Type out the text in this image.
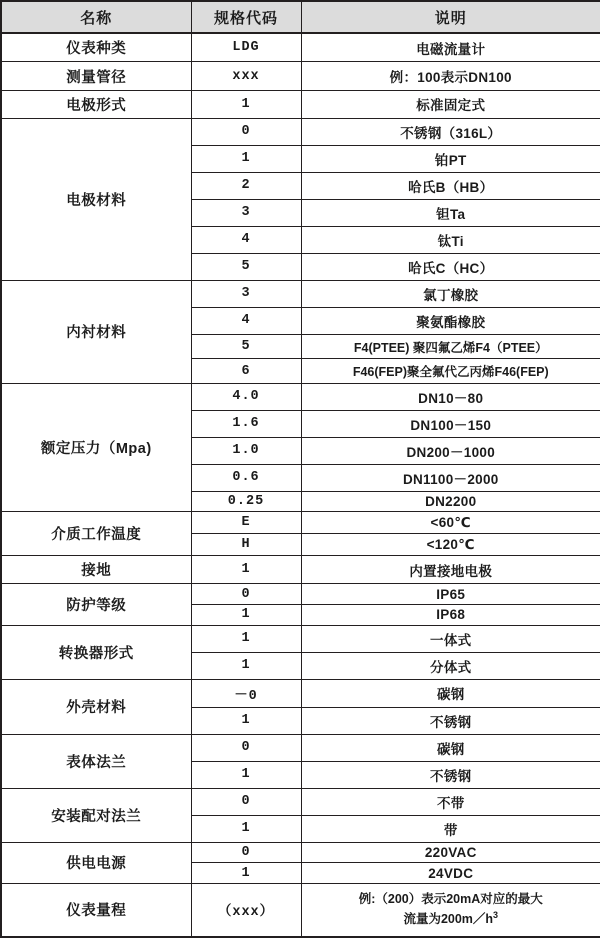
名称	规格代码	说明
仪表种类	LDG	电磁流量计
测量管径	xxx	例：100表示DN100
电极形式	1	标准固定式
电极材料	0	不锈钢（316L）
	1	铂PT
	2	哈氏B（HB）
	3	钽Ta
	4	钛Ti
	5	哈氏C（HC）
内衬材料	3	氯丁橡胶
	4	聚氨酯橡胶
	5	F4(PTEE) 聚四氟乙烯F4（PTEE）
	6	F46(FEP)聚全氟代乙丙烯F46(FEP)
额定压力（Mpa)	4.0	DN10－80
	1.6	DN100－150
	1.0	DN200－1000
	0.6	DN1100－2000
	0.25	DN2200
介质工作温度	E	<60℃
	H	<120℃
接地	1	内置接地电极
防护等级	0	IP65
	1	IP68
转换器形式	1	一体式
	1	分体式
外壳材料	－0	碳钢
	1	不锈钢
表体法兰	0	碳钢
	1	不锈钢
安装配对法兰	0	不带
	1	带
供电电源	0	220VAC
	1	24VDC
仪表量程	（xxx）	例:（200）表示20mA对应的最大
流量为$200m/h^3$
